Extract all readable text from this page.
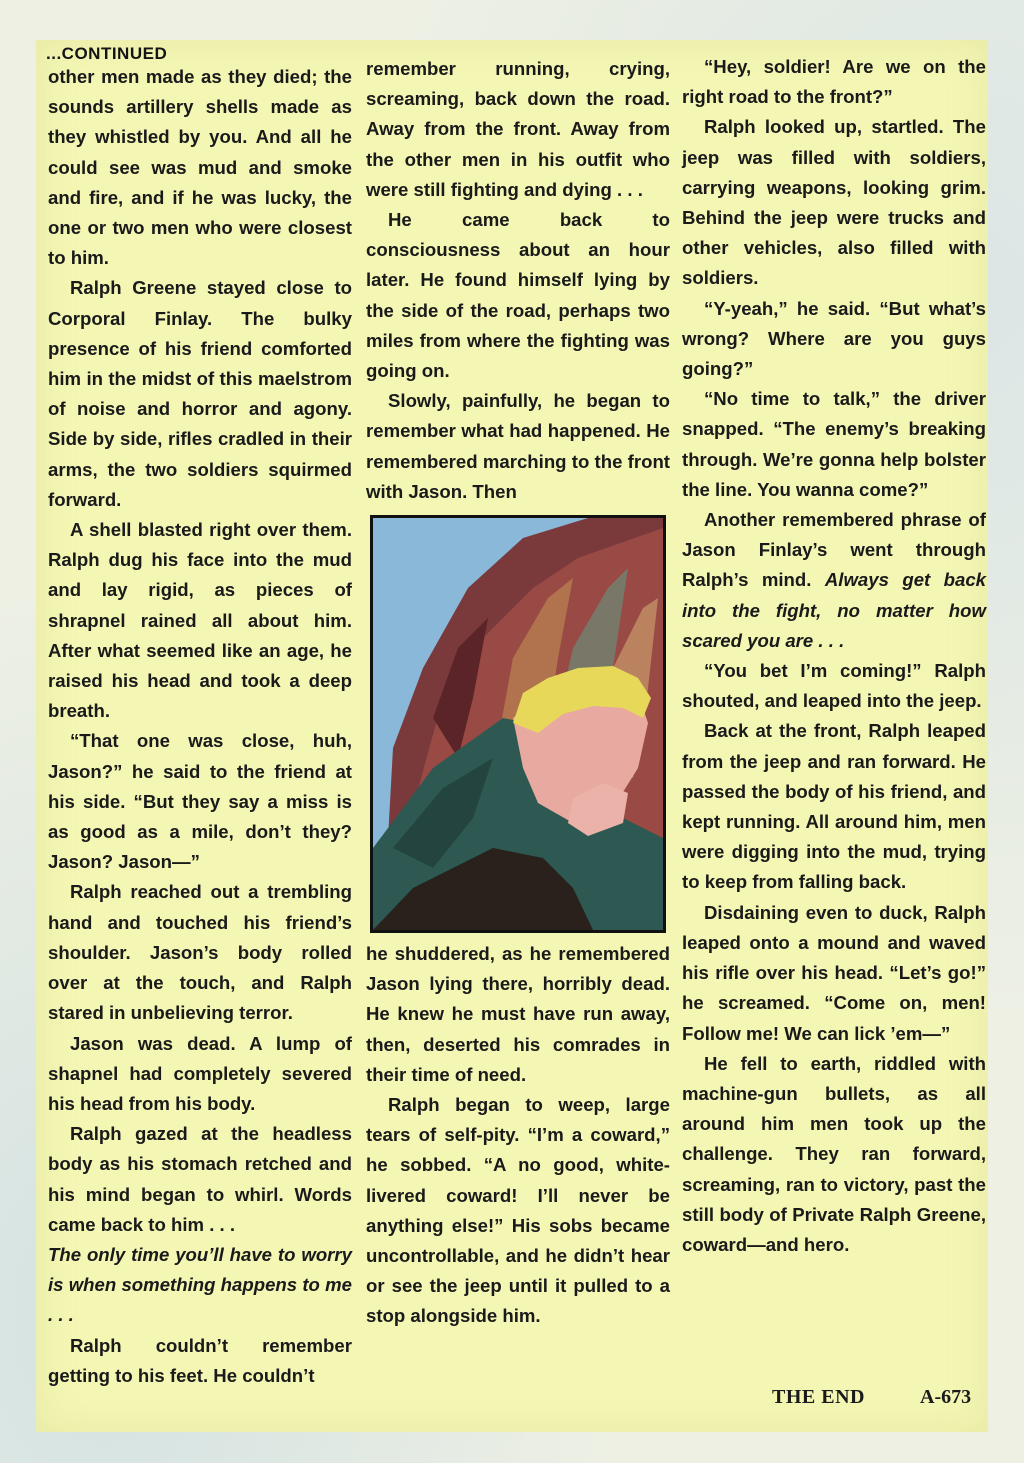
...CONTINUED

other men made as they died; the sounds artillery shells made as they whistled by you. And all he could see was mud and smoke and fire, and if he was lucky, the one or two men who were closest to him.

Ralph Greene stayed close to Corporal Finlay. The bulky presence of his friend comforted him in the midst of this maelstrom of noise and horror and agony. Side by side, rifles cradled in their arms, the two soldiers squirmed forward.

A shell blasted right over them. Ralph dug his face into the mud and lay rigid, as pieces of shrapnel rained all about him. After what seemed like an age, he raised his head and took a deep breath.

“That one was close, huh, Jason?” he said to the friend at his side. “But they say a miss is as good as a mile, don’t they? Jason? Jason—”

Ralph reached out a trembling hand and touched his friend’s shoulder. Jason’s body rolled over at the touch, and Ralph stared in unbelieving terror.

Jason was dead. A lump of shapnel had completely severed his head from his body.

Ralph gazed at the headless body as his stomach retched and his mind began to whirl. Words came back to him . . .

The only time you’ll have to worry is when something happens to me . . .

Ralph couldn’t remember getting to his feet. He couldn’t

remember running, crying, screaming, back down the road. Away from the front. Away from the other men in his outfit who were still fighting and dying . . .

He came back to consciousness about an hour later. He found himself lying by the side of the road, perhaps two miles from where the fighting was going on.

Slowly, painfully, he began to remember what had happened. He remembered marching to the front with Jason. Then

he shuddered, as he remembered Jason lying there, horribly dead. He knew he must have run away, then, deserted his comrades in their time of need.

Ralph began to weep, large tears of self-pity. “I’m a coward,” he sobbed. “A no good, white-livered coward! I’ll never be anything else!” His sobs became uncontrollable, and he didn’t hear or see the jeep until it pulled to a stop alongside him.

“Hey, soldier! Are we on the right road to the front?”

Ralph looked up, startled. The jeep was filled with soldiers, carrying weapons, looking grim. Behind the jeep were trucks and other vehicles, also filled with soldiers.

“Y-yeah,” he said. “But what’s wrong? Where are you guys going?”

“No time to talk,” the driver snapped. “The enemy’s breaking through. We’re gonna help bolster the line. You wanna come?”

Another remembered phrase of Jason Finlay’s went through Ralph’s mind. Always get back into the fight, no matter how scared you are . . .

“You bet I’m coming!” Ralph shouted, and leaped into the jeep.

Back at the front, Ralph leaped from the jeep and ran forward. He passed the body of his friend, and kept running. All around him, men were digging into the mud, trying to keep from falling back.

Disdaining even to duck, Ralph leaped onto a mound and waved his rifle over his head. “Let’s go!” he screamed. “Come on, men! Follow me! We can lick ’em—”

He fell to earth, riddled with machine-gun bullets, as all around him men took up the challenge. They ran forward, screaming, ran to victory, past the still body of Private Ralph Greene, coward—and hero.

THE END	A-673
